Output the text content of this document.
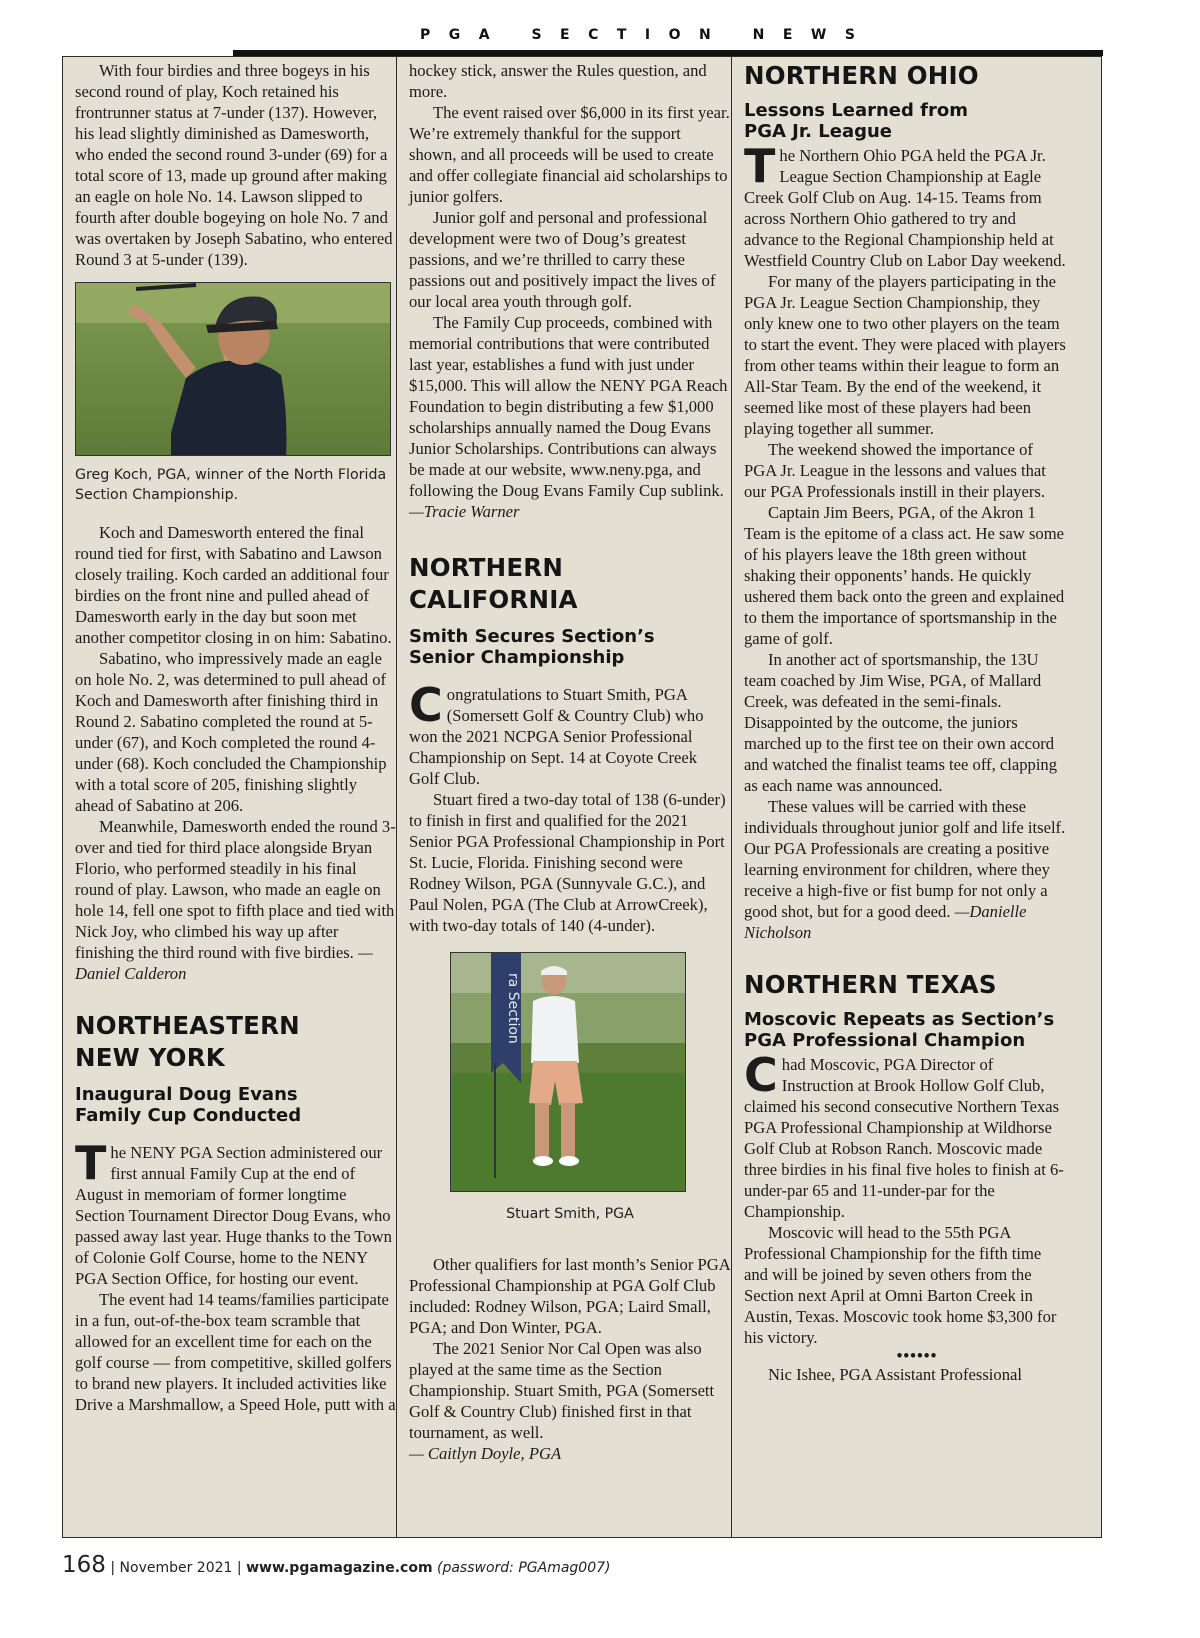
PGA SECTION NEWS

With four birdies and three bogeys in his second round of play, Koch retained his frontrunner status at 7-under (137). However, his lead slightly diminished as Damesworth, who ended the second round 3-under (69) for a total score of 13, made up ground after making an eagle on hole No. 14. Lawson slipped to fourth after double bogeying on hole No. 7 and was overtaken by Joseph Sabatino, who entered Round 3 at 5-under (139).

Greg Koch, PGA, winner of the North Florida Section Championship.

Koch and Damesworth entered the final round tied for first, with Sabatino and Lawson closely trailing. Koch carded an additional four birdies on the front nine and pulled ahead of Damesworth early in the day but soon met another competitor closing in on him: Sabatino.

Sabatino, who impressively made an eagle on hole No. 2, was determined to pull ahead of Koch and Damesworth after finishing third in Round 2. Sabatino completed the round at 5-under (67), and Koch completed the round 4-under (68). Koch concluded the Championship with a total score of 205, finishing slightly ahead of Sabatino at 206.

Meanwhile, Damesworth ended the round 3-over and tied for third place alongside Bryan Florio, who performed steadily in his final round of play. Lawson, who made an eagle on hole 14, fell one spot to fifth place and tied with Nick Joy, who climbed his way up after finishing the third round with five birdies. —Daniel Calderon

NORTHEASTERN
NEW YORK
Inaugural Doug Evans
Family Cup Conducted

The NENY PGA Section administered our first annual Family Cup at the end of August in memoriam of former longtime Section Tournament Director Doug Evans, who passed away last year. Huge thanks to the Town of Colonie Golf Course, home to the NENY PGA Section Office, for hosting our event.

The event had 14 teams/families participate in a fun, out-of-the-box team scramble that allowed for an excellent time for each on the golf course — from competitive, skilled golfers to brand new players. It included activities like Drive a Marshmallow, a Speed Hole, putt with a

hockey stick, answer the Rules question, and more.

The event raised over $6,000 in its first year. We’re extremely thankful for the support shown, and all proceeds will be used to create and offer collegiate financial aid scholarships to junior golfers.

Junior golf and personal and professional development were two of Doug’s greatest passions, and we’re thrilled to carry these passions out and positively impact the lives of our local area youth through golf.

The Family Cup proceeds, combined with memorial contributions that were contributed last year, establishes a fund with just under $15,000. This will allow the NENY PGA Reach Foundation to begin distributing a few $1,000 scholarships annually named the Doug Evans Junior Scholarships. Contributions can always be made at our website, www.neny.pga, and following the Doug Evans Family Cup sublink. —Tracie Warner

NORTHERN
CALIFORNIA
Smith Secures Section’s
Senior Championship

Congratulations to Stuart Smith, PGA (Somersett Golf & Country Club) who won the 2021 NCPGA Senior Professional Championship on Sept. 14 at Coyote Creek Golf Club.

Stuart fired a two-day total of 138 (6-under) to finish in first and qualified for the 2021 Senior PGA Professional Championship in Port St. Lucie, Florida. Finishing second were Rodney Wilson, PGA (Sunnyvale G.C.), and Paul Nolen, PGA (The Club at ArrowCreek), with two-day totals of 140 (4-under).

ra Section
Stuart Smith, PGA

Other qualifiers for last month’s Senior PGA Professional Championship at PGA Golf Club included: Rodney Wilson, PGA; Laird Small, PGA; and Don Winter, PGA.

The 2021 Senior Nor Cal Open was also played at the same time as the Section Championship. Stuart Smith, PGA (Somersett Golf & Country Club) finished first in that tournament, as well.

— Caitlyn Doyle, PGA

NORTHERN OHIO
Lessons Learned from
PGA Jr. League

The Northern Ohio PGA held the PGA Jr. League Section Championship at Eagle Creek Golf Club on Aug. 14-15. Teams from across Northern Ohio gathered to try and advance to the Regional Championship held at Westfield Country Club on Labor Day weekend.

For many of the players participating in the PGA Jr. League Section Championship, they only knew one to two other players on the team to start the event. They were placed with players from other teams within their league to form an All-Star Team. By the end of the weekend, it seemed like most of these players had been playing together all summer.

The weekend showed the importance of PGA Jr. League in the lessons and values that our PGA Professionals instill in their players.

Captain Jim Beers, PGA, of the Akron 1 Team is the epitome of a class act. He saw some of his players leave the 18th green without shaking their opponents’ hands. He quickly ushered them back onto the green and explained to them the importance of sportsmanship in the game of golf.

In another act of sportsmanship, the 13U team coached by Jim Wise, PGA, of Mallard Creek, was defeated in the semi-finals. Disappointed by the outcome, the juniors marched up to the first tee on their own accord and watched the finalist teams tee off, clapping as each name was announced.

These values will be carried with these individuals throughout junior golf and life itself. Our PGA Professionals are creating a positive learning environment for children, where they receive a high-five or fist bump for not only a good shot, but for a good deed. —Danielle Nicholson

NORTHERN TEXAS
Moscovic Repeats as Section’s
PGA Professional Champion

Chad Moscovic, PGA Director of Instruction at Brook Hollow Golf Club, claimed his second consecutive Northern Texas PGA Professional Championship at Wildhorse Golf Club at Robson Ranch. Moscovic made three birdies in his final five holes to finish at 6-under-par 65 and 11-under-par for the Championship.

Moscovic will head to the 55th PGA Professional Championship for the fifth time and will be joined by seven others from the Section next April at Omni Barton Creek in Austin, Texas. Moscovic took home $3,300 for his victory.

••••••

Nic Ishee, PGA Assistant Professional

168 | November 2021 | www.pgamagazine.com (password: PGAmag007)
